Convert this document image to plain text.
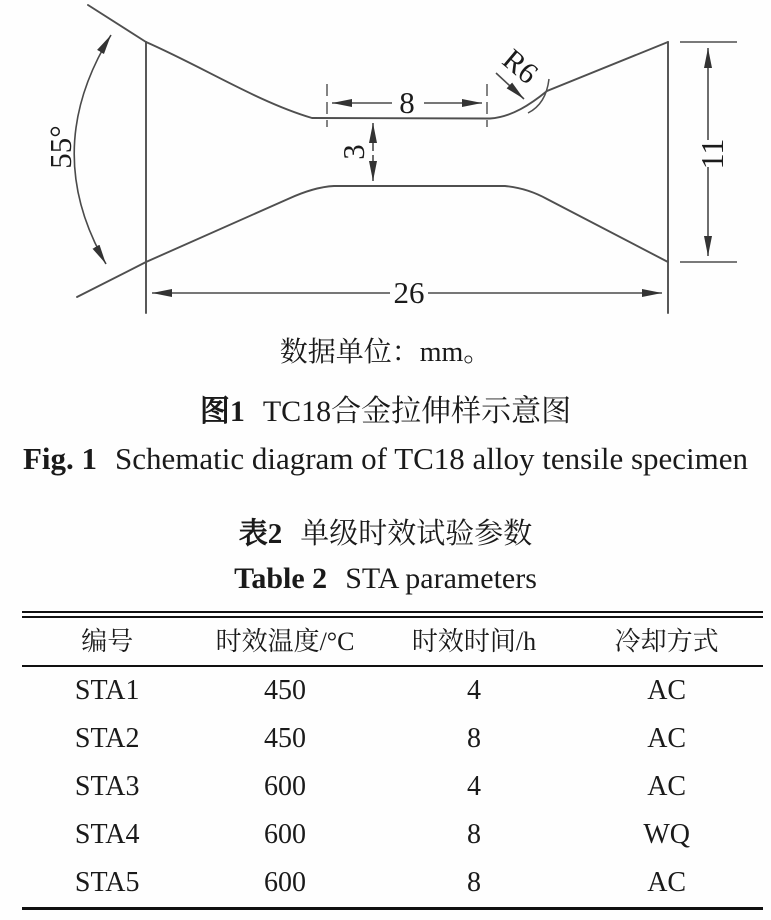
8
3
26
11
R6
55°
数据单位：mm。
图1 TC18合金拉伸样示意图
Fig. 1 Schematic diagram of TC18 alloy tensile specimen
表2 单级时效试验参数
Table 2 STA parameters
编号	时效温度/°C	时效时间/h	冷却方式
STA1	450	4	AC
STA2	450	8	AC
STA3	600	4	AC
STA4	600	8	WQ
STA5	600	8	AC
